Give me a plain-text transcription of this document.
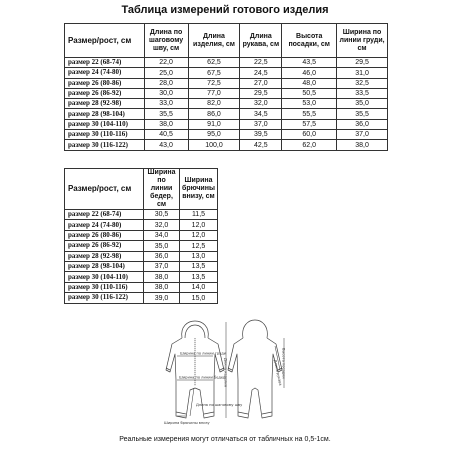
Таблица измерений готового изделия
Размер/рост, см	Длина по шаговому шву, см	Длина изделия, см	Длина рукава, см	Высота посадки, см	Ширина по линии груди, см
размер 22 (68-74)	22,0	62,5	22,5	43,5	29,5
размер 24 (74-80)	25,0	67,5	24,5	46,0	31,0
размер 26 (80-86)	28,0	72,5	27,0	48,0	32,5
размер 26 (86-92)	30,0	77,0	29,5	50,5	33,5
размер 28 (92-98)	33,0	82,0	32,0	53,0	35,0
размер 28 (98-104)	35,5	86,0	34,5	55,5	35,5
размер 30 (104-110)	38,0	91,0	37,0	57,5	36,0
размер 30 (110-116)	40,5	95,0	39,5	60,0	37,0
размер 30 (116-122)	43,0	100,0	42,5	62,0	38,0
Размер/рост, см	Ширина по линии бедер, см	Ширина брючины внизу, см
размер 22 (68-74)	30,5	11,5
размер 24 (74-80)	32,0	12,0
размер 26 (80-86)	34,0	12,0
размер 26 (86-92)	35,0	12,5
размер 28 (92-98)	36,0	13,0
размер 28 (98-104)	37,0	13,5
размер 30 (104-110)	38,0	13,5
размер 30 (110-116)	38,0	14,0
размер 30 (116-122)	39,0	15,0
Ширина по линии груди
Ширина по линии бедер
Ширина брючины внизу
Длина по шаговому шву
Длина изделия	Длина рукава Высота посадки
Реальные измерения могут отличаться от табличных на 0,5-1см.
